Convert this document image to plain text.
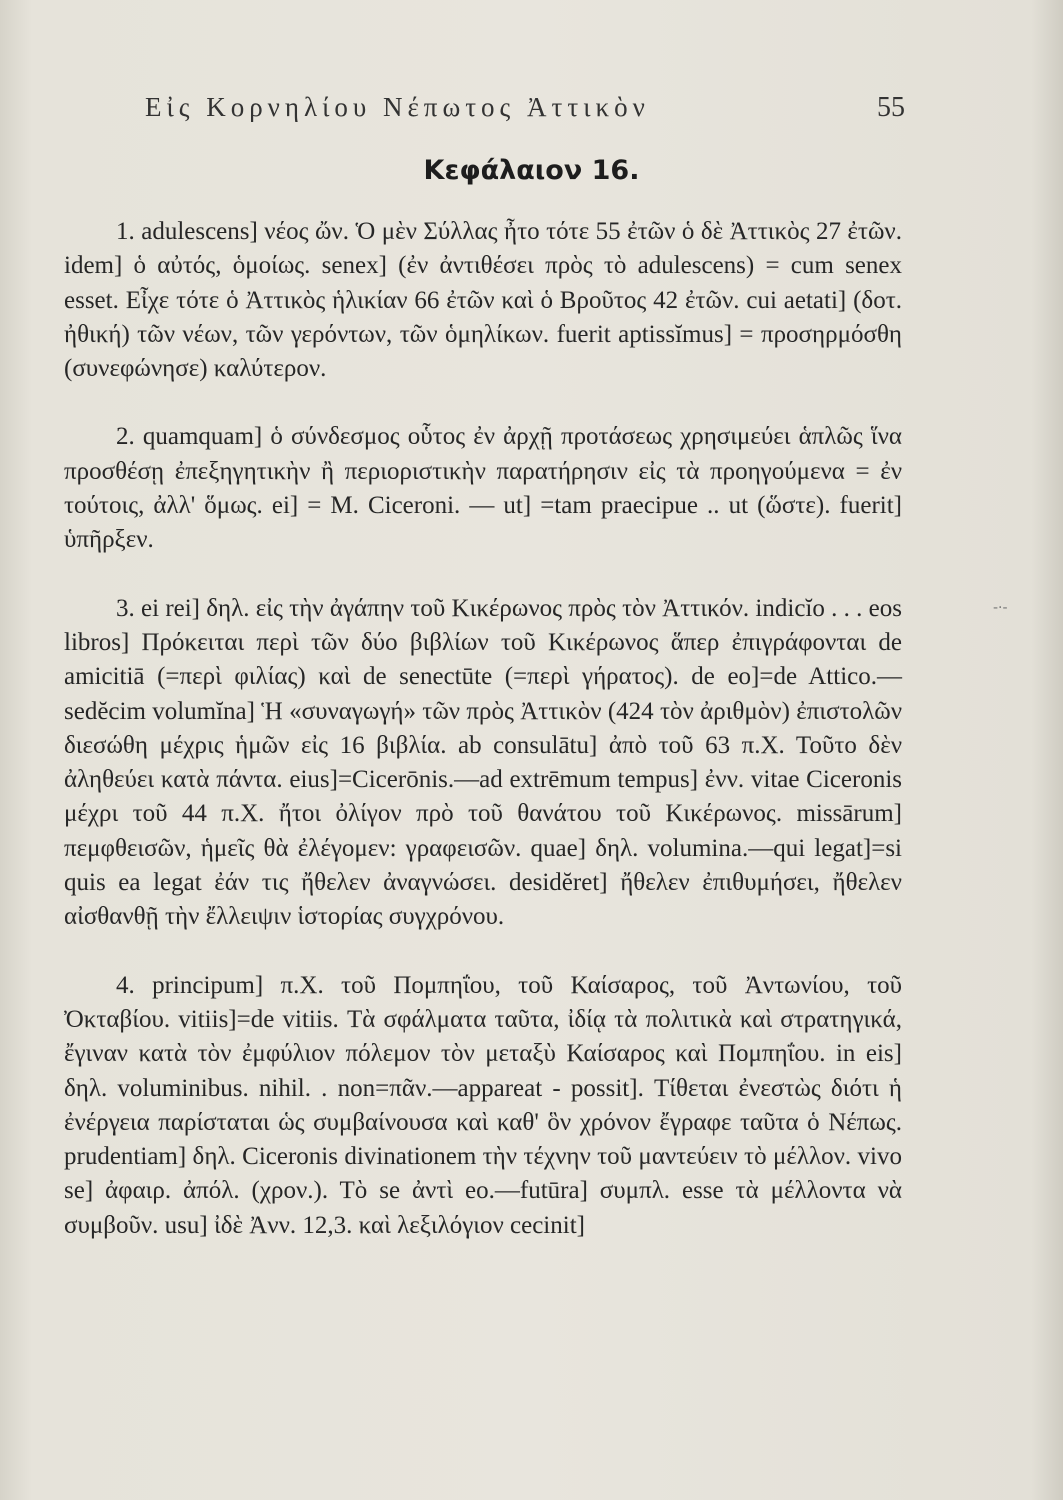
Εἰς Κορνηλίου Νέπωτος Ἀττικὸν	55
Κεφάλαιον 16.

1. adulescens] νέος ὤν. Ὁ μὲν Σύλλας ἦτο τότε 55 ἐτῶν ὁ δὲ Ἀττικὸς 27 ἐτῶν. idem] ὁ αὐτός, ὁμοίως. senex] (ἐν ἀντιθέσει πρὸς τὸ adulescens) = cum senex esset. Εἶχε τότε ὁ Ἀττικὸς ἡλικίαν 66 ἐτῶν καὶ ὁ Βροῦτος 42 ἐτῶν. cui aetati] (δοτ. ἠθική) τῶν νέων, τῶν γερόντων, τῶν ὁμηλίκων. fuerit aptissĭmus] = προσηρμόσθη (συνεφώνησε) καλύτερον.

2. quamquam] ὁ σύνδεσμος οὗτος ἐν ἀρχῇ προτάσεως χρησιμεύει ἁπλῶς ἵνα προσθέσῃ ἐπεξηγητικὴν ἢ περιοριστικὴν παρατήρησιν εἰς τὰ προηγούμενα = ἐν τούτοις, ἀλλ' ὅμως. ei] = M. Ciceroni. — ut] =tam praecipue .. ut (ὥστε). fuerit] ὑπῆρξεν.

3. ei rei] δηλ. εἰς τὴν ἀγάπην τοῦ Κικέρωνος πρὸς τὸν Ἀττικόν. indicĭo . . . eos libros] Πρόκειται περὶ τῶν δύο βιβλίων τοῦ Κικέρωνος ἅπερ ἐπιγράφονται de amicitiā (=περὶ φιλίας) καὶ de senectūte (=περὶ γήρατος). de eo]=de Attico.—sedĕcim volumĭna] Ἡ «συναγωγή» τῶν πρὸς Ἀττικὸν (424 τὸν ἀριθμὸν) ἐπιστολῶν διεσώθη μέχρις ἡμῶν εἰς 16 βιβλία. ab consulātu] ἀπὸ τοῦ 63 π.Χ. Τοῦτο δὲν ἀληθεύει κατὰ πάντα. eius]=Cicerōnis.—ad extrēmum tempus] ἐνν. vitae Ciceronis μέχρι τοῦ 44 π.Χ. ἤτοι ὀλίγον πρὸ τοῦ θανάτου τοῦ Κικέρωνος. missārum] πεμφθεισῶν, ἡμεῖς θὰ ἐλέγομεν: γραφεισῶν. quae] δηλ. volumina.—qui legat]=si quis ea legat ἐάν τις ἤθελεν ἀναγνώσει. desidĕret] ἤθελεν ἐπιθυμήσει, ἤθελεν αἰσθανθῇ τὴν ἔλλειψιν ἱστορίας συγχρόνου.

4. principum] π.Χ. τοῦ Πομπηΐου, τοῦ Καίσαρος, τοῦ Ἀντωνίου, τοῦ Ὀκταβίου. vitiis]=de vitiis. Τὰ σφάλματα ταῦτα, ἰδίᾳ τὰ πολιτικὰ καὶ στρατηγικά, ἔγιναν κατὰ τὸν ἐμφύλιον πόλεμον τὸν μεταξὺ Καίσαρος καὶ Πομπηΐου. in eis] δηλ. voluminibus. nihil. . non=πᾶν.—appareat - possit]. Τίθεται ἐνεστὼς διότι ἡ ἐνέργεια παρίσταται ὡς συμβαίνουσα καὶ καθ' ὃν χρόνον ἔγραφε ταῦτα ὁ Νέπως. prudentiam] δηλ. Ciceronis divinationem τὴν τέχνην τοῦ μαντεύειν τὸ μέλλον. vivo se] ἀφαιρ. ἀπόλ. (χρον.). Τὸ se ἀντὶ eo.—futūra] συμπλ. esse τὰ μέλλοντα νὰ συμβοῦν. usu] ἰδὲ Ἀνν. 12,3. καὶ λεξιλόγιον cecinit]

-·-
